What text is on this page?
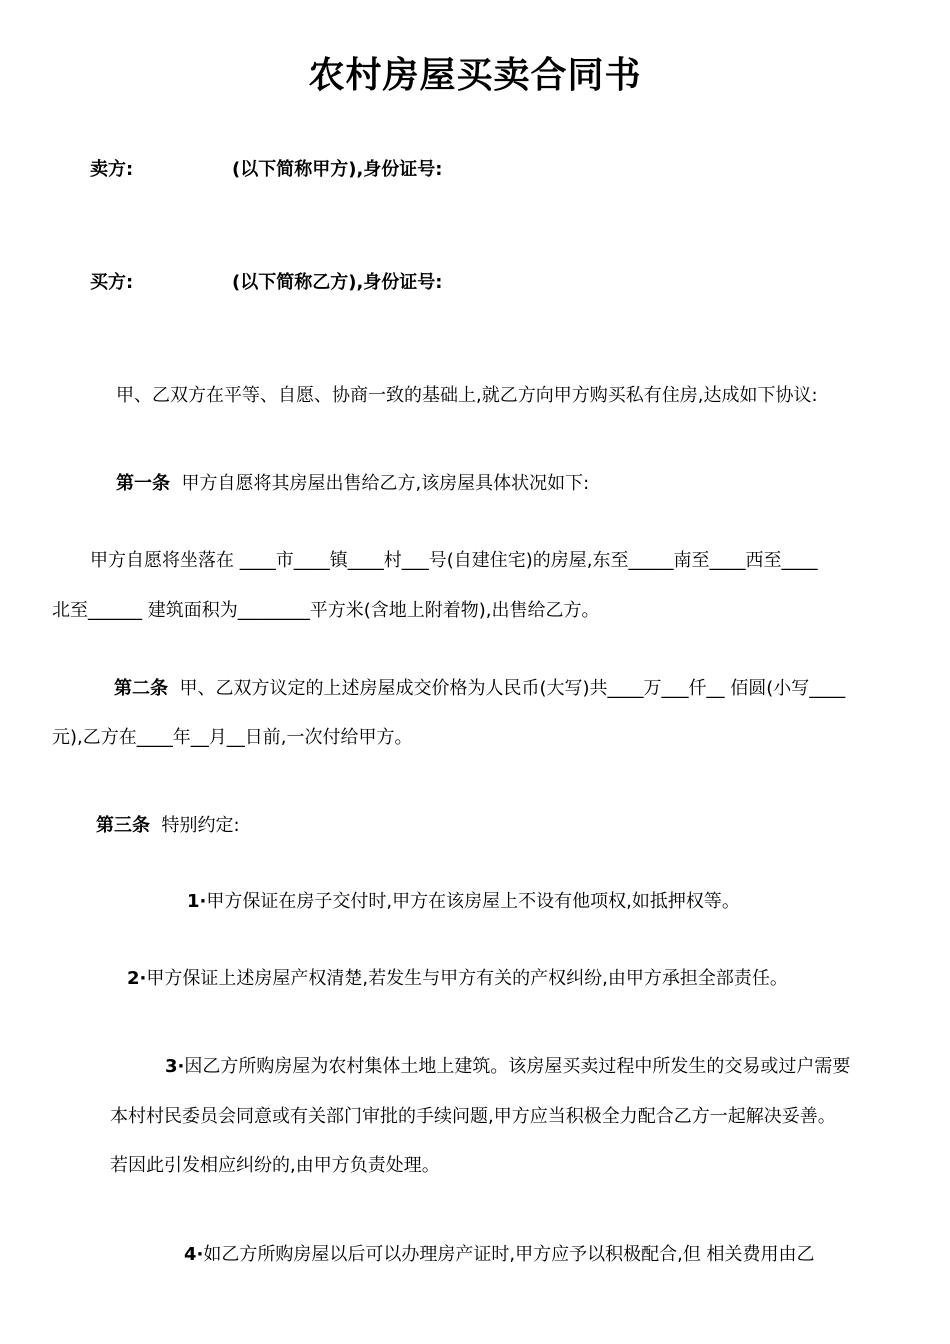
农村房屋买卖合同书
卖方:	(以下简称甲方),身份证号:
买方:	(以下简称乙方),身份证号:
甲、乙双方在平等、自愿、协商一致的基础上,就乙方向甲方购买私有住房,达成如下协议:
第一条 甲方自愿将其房屋出售给乙方,该房屋具体状况如下:
甲方自愿将坐落在 ____市____镇____村___号(自建住宅)的房屋,东至_____南至____西至____
北至______ 建筑面积为________平方米(含地上附着物),出售给乙方。
第二条 甲、乙双方议定的上述房屋成交价格为人民币(大写)共____万___仟__ 佰圆(小写____
元),乙方在____年__月__日前,一次付给甲方。
第三条 特别约定:
1·甲方保证在房子交付时,甲方在该房屋上不设有他项权,如抵押权等。
2·甲方保证上述房屋产权清楚,若发生与甲方有关的产权纠纷,由甲方承担全部责任。
3·因乙方所购房屋为农村集体土地上建筑。该房屋买卖过程中所发生的交易或过户需要
本村村民委员会同意或有关部门审批的手续问题,甲方应当积极全力配合乙方一起解决妥善。
若因此引发相应纠纷的,由甲方负责处理。
4·如乙方所购房屋以后可以办理房产证时,甲方应予以积极配合,但 相关费用由乙
